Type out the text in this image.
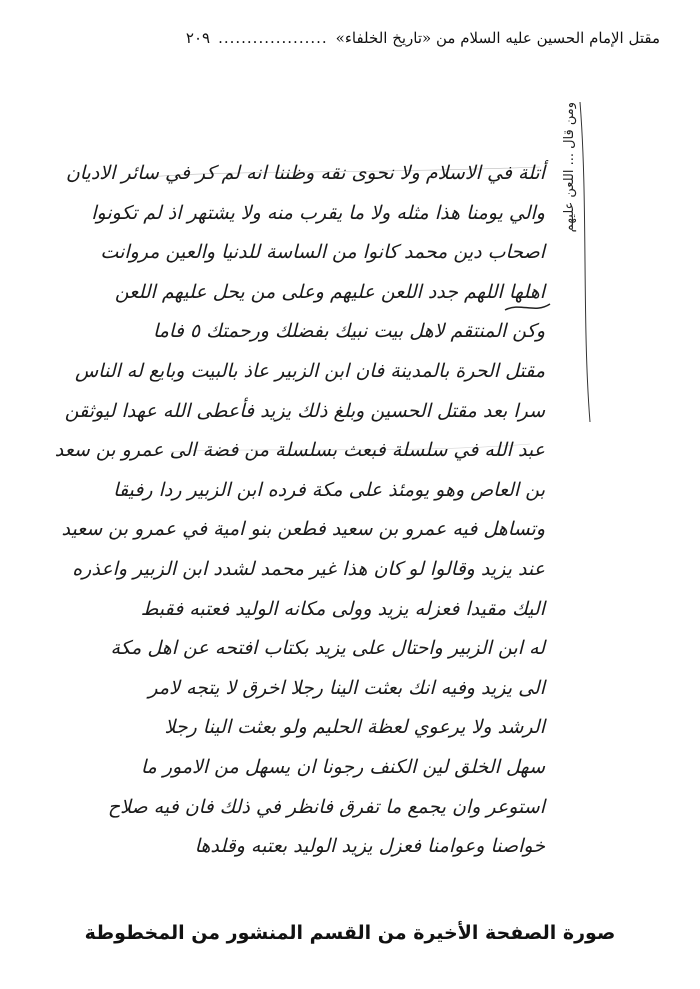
مقتل الإمام الحسين عليه السلام من «تاريخ الخلفاء»
...................
٢٠٩
أتلة في الاسلام ولا نحوى نقه وظننا انه لم كر في سائر الاديان
والي يومنا هذا مثله ولا ما يقرب منه ولا يشتهر اذ لم تكونوا
اصحاب دين محمد كانوا من الساسة للدنيا والعين مروانت
اهلها اللهم جدد اللعن عليهم وعلى من يحل عليهم اللعن
وكن المنتقم لاهل بيت نبيك بفضلك ورحمتك ٥ فاما
مقتل الحرة بالمدينة فان ابن الزبير عاذ بالبيت وبايع له الناس
سرا بعد مقتل الحسين وبلغ ذلك يزيد فأعطى الله عهدا ليوثقن
عبد الله في سلسلة فبعث بسلسلة من فضة الى عمرو بن سعد
بن العاص وهو يومئذ على مكة فرده ابن الزبير ردا رفيقا
وتساهل فيه عمرو بن سعيد فطعن بنو امية في عمرو بن سعيد
عند يزيد وقالوا لو كان هذا غير محمد لشدد ابن الزبير واعذره
اليك مقيدا فعزله يزيد وولى مكانه الوليد فعتبه فقبط
له ابن الزبير واحتال على يزيد بكتاب افتحه عن اهل مكة
الى يزيد وفيه انك بعثت الينا رجلا اخرق لا يتجه لامر
الرشد ولا يرعوي لعظة الحليم ولو بعثت الينا رجلا
سهل الخلق لين الكنف رجونا ان يسهل من الامور ما
استوعر وان يجمع ما تفرق فانظر في ذلك فان فيه صلاح
خواصنا وعوامنا فعزل يزيد الوليد بعتبه وقلدها
ومن قال ... اللعن عليهم
صورة الصفحة الأخيرة من القسم المنشور من المخطوطة
